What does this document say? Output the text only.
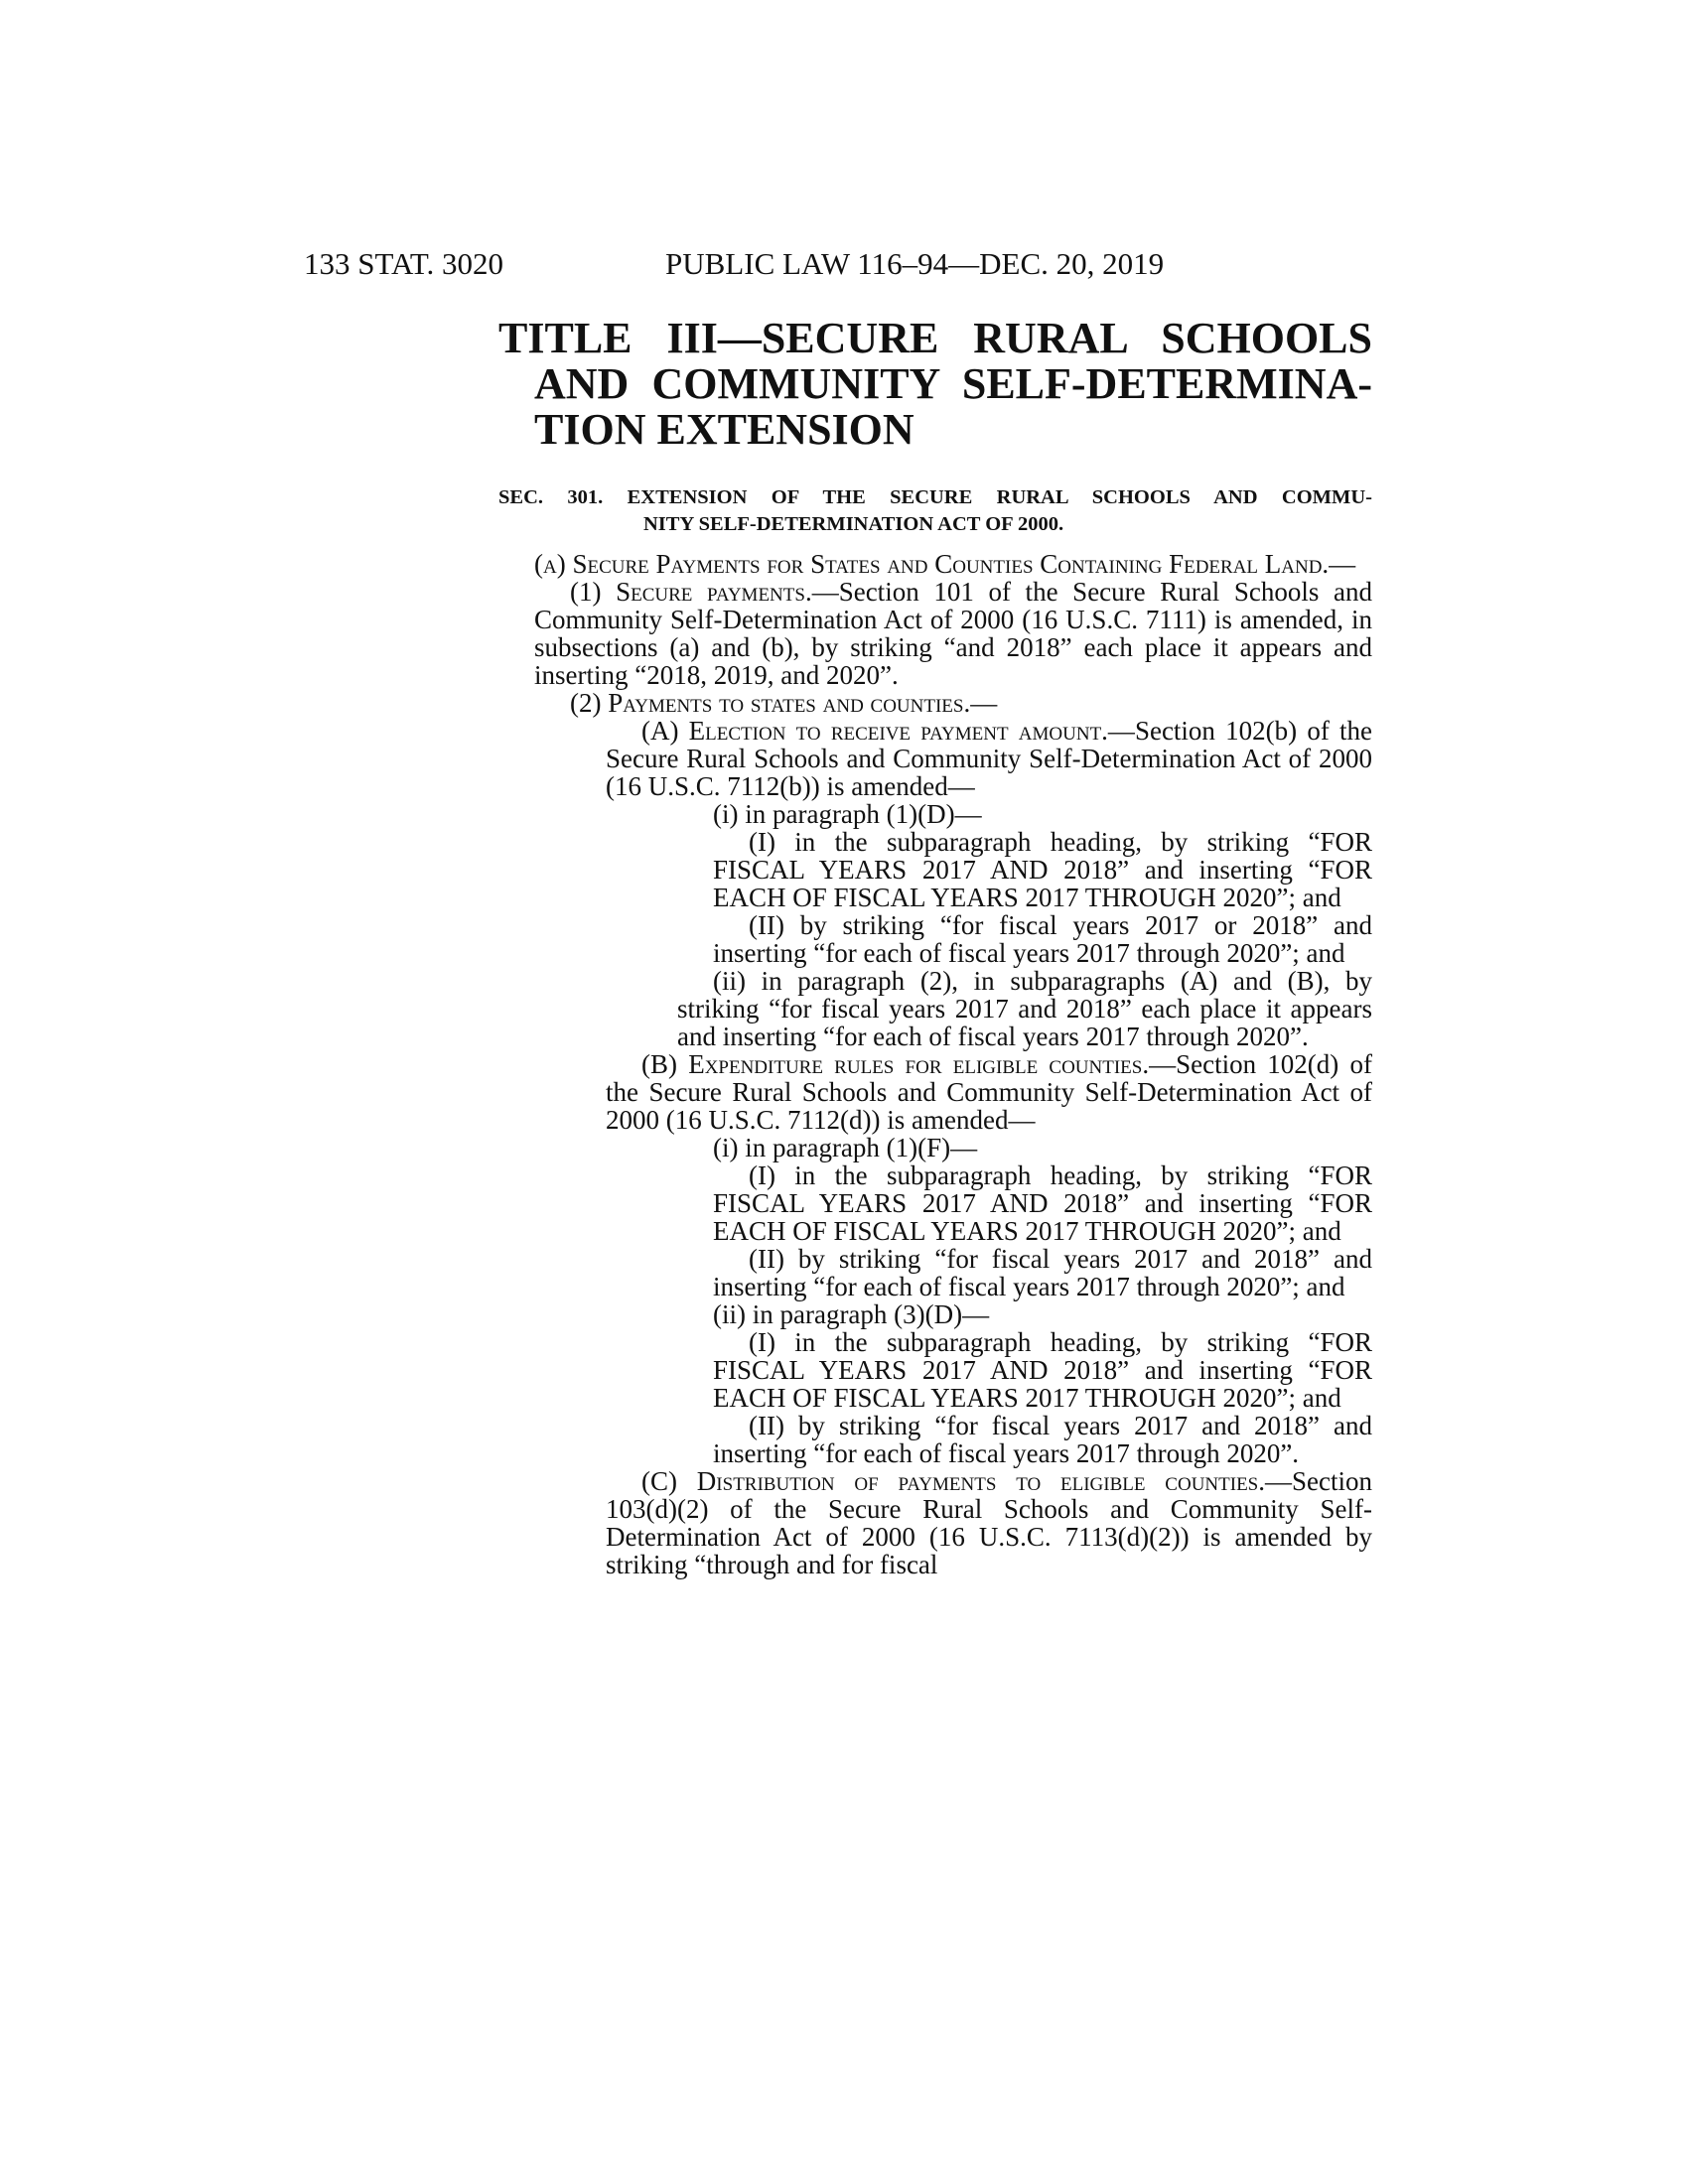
133 STAT. 3020	PUBLIC LAW 116–94—DEC. 20, 2019
TITLE III—SECURE RURAL SCHOOLS
AND COMMUNITY SELF-DETERMINA-
TION EXTENSION
SEC. 301. EXTENSION OF THE SECURE RURAL SCHOOLS AND COMMU-
NITY SELF-DETERMINATION ACT OF 2000.

(a) Secure Payments for States and Counties Containing Federal Land.—

(1) Secure payments.—Section 101 of the Secure Rural Schools and Community Self-Determination Act of 2000 (16 U.S.C. 7111) is amended, in subsections (a) and (b), by striking “and 2018” each place it appears and inserting “2018, 2019, and 2020”.

(2) Payments to states and counties.—

(A) Election to receive payment amount.—Section 102(b) of the Secure Rural Schools and Community Self-Determination Act of 2000 (16 U.S.C. 7112(b)) is amended—

(i) in paragraph (1)(D)—

(I) in the subparagraph heading, by striking “FOR FISCAL YEARS 2017 AND 2018” and inserting “FOR EACH OF FISCAL YEARS 2017 THROUGH 2020”; and

(II) by striking “for fiscal years 2017 or 2018” and inserting “for each of fiscal years 2017 through 2020”; and

(ii) in paragraph (2), in subparagraphs (A) and (B), by striking “for fiscal years 2017 and 2018” each place it appears and inserting “for each of fiscal years 2017 through 2020”.

(B) Expenditure rules for eligible counties.—Section 102(d) of the Secure Rural Schools and Community Self-Determination Act of 2000 (16 U.S.C. 7112(d)) is amended—

(i) in paragraph (1)(F)—

(I) in the subparagraph heading, by striking “FOR FISCAL YEARS 2017 AND 2018” and inserting “FOR EACH OF FISCAL YEARS 2017 THROUGH 2020”; and

(II) by striking “for fiscal years 2017 and 2018” and inserting “for each of fiscal years 2017 through 2020”; and

(ii) in paragraph (3)(D)—

(I) in the subparagraph heading, by striking “FOR FISCAL YEARS 2017 AND 2018” and inserting “FOR EACH OF FISCAL YEARS 2017 THROUGH 2020”; and

(II) by striking “for fiscal years 2017 and 2018” and inserting “for each of fiscal years 2017 through 2020”.

(C) Distribution of payments to eligible counties.—Section 103(d)(2) of the Secure Rural Schools and Community Self-Determination Act of 2000 (16 U.S.C. 7113(d)(2)) is amended by striking “through and for fiscal
